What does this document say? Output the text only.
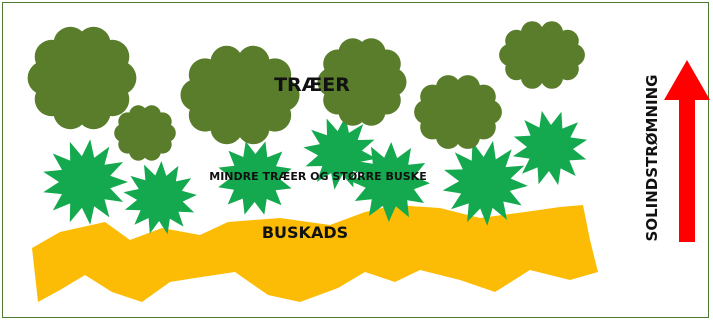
TRÆER
MINDRE TRÆER OG STØRRE BUSKE
BUSKADS	SOLINDSTRØMNING
